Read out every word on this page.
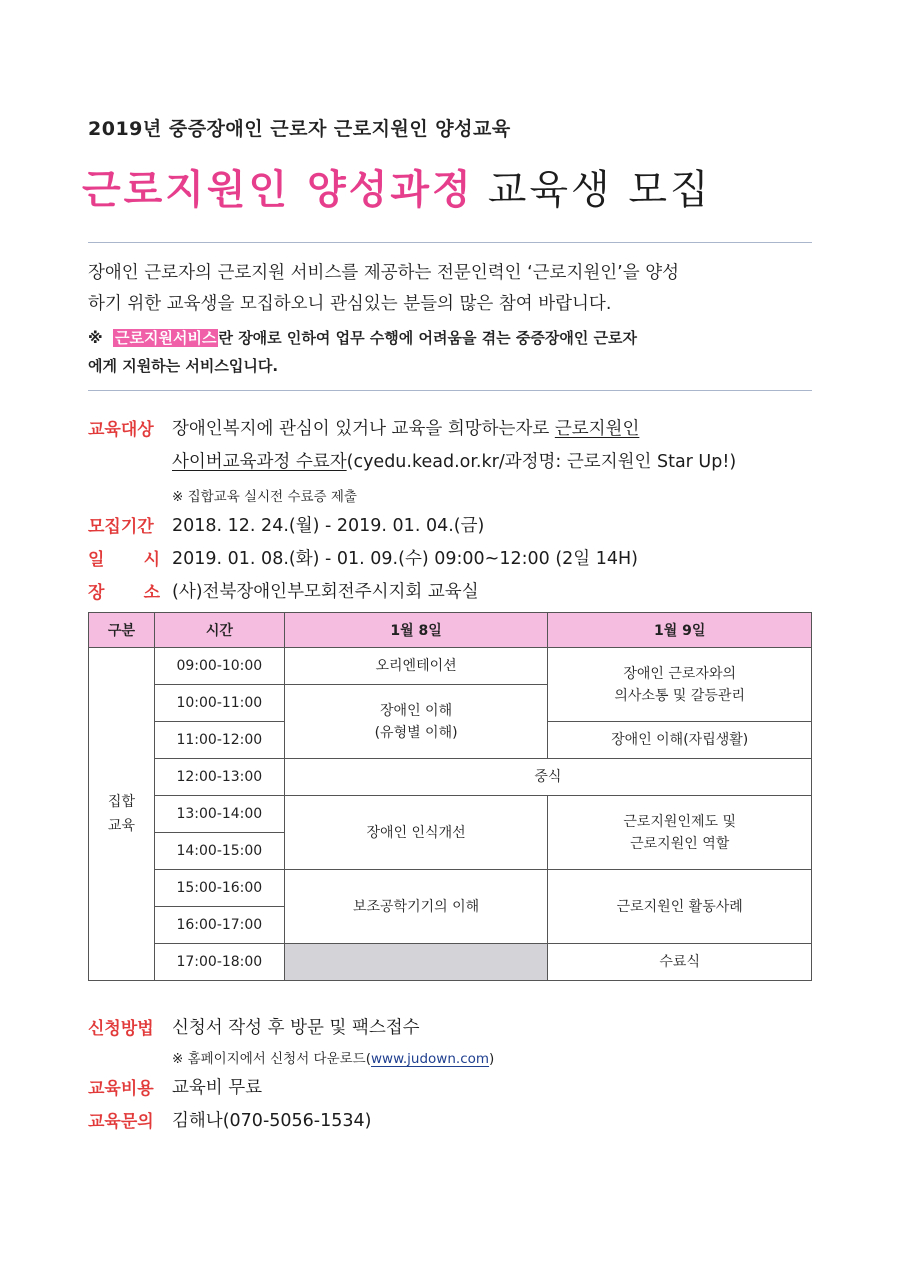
2019년 중증장애인 근로자 근로지원인 양성교육
근로지원인 양성과정 교육생 모집

장애인 근로자의 근로지원 서비스를 제공하는 전문인력인 ‘근로지원인’을 양성

하기 위한 교육생을 모집하오니 관심있는 분들의 많은 참여 바랍니다.

※ 근로지원서비스 란 장애로 인하여 업무 수행에 어려움을 겪는 중증장애인 근로자
에게 지원하는 서비스입니다.
교육대상 장애인복지에 관심이 있거나 교육을 희망하는자로 근로지원인
사이버교육과정 수료자(cyedu.kead.or.kr/과정명: 근로지원인 Star Up!)
※ 집합교육 실시전 수료증 제출
모집기간 2018. 12. 24.(월) - 2019. 01. 04.(금)
일 시 2019. 01. 08.(화) - 01. 09.(수) 09:00~12:00 (2일 14H)
장 소 (사)전북장애인부모회전주시지회 교육실
구분	시간	1월 8일	1월 9일
집합
교육	09:00-10:00	오리엔테이션	장애인 근로자와의
의사소통 및 갈등관리
	10:00-11:00	장애인 이해
(유형별 이해)	
	11:00-12:00		장애인 이해(자립생활)
	12:00-13:00	중식	
	13:00-14:00	장애인 인식개선	근로지원인제도 및
근로지원인 역할
	14:00-15:00		
	15:00-16:00	보조공학기기의 이해	근로지원인 활동사례
	16:00-17:00		
	17:00-18:00		수료식
신청방법 신청서 작성 후 방문 및 팩스접수
※ 홈페이지에서 신청서 다운로드(www.judown.com)
교육비용 교육비 무료
교육문의 김해나(070-5056-1534)
